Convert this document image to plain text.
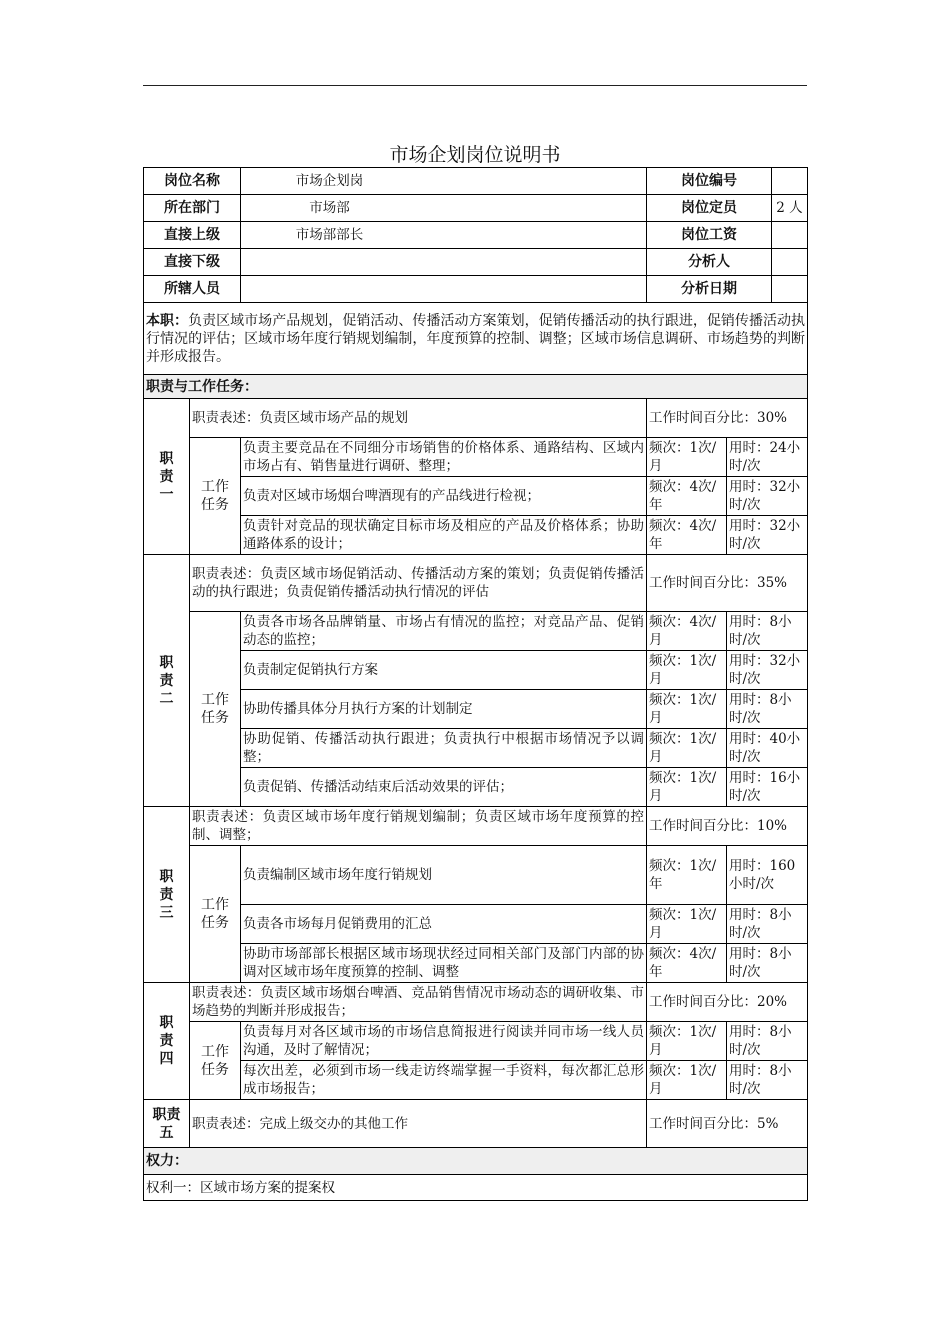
市场企划岗位说明书
岗位名称		市场企划岗	岗位编号	

所在部门		市场部	岗位定员 2 人	

直接上级		市场部部长	岗位工资	

直接下级			分析人	

所辖人员			分析日期	

本职：负责区域市场产品规划，促销活动、传播活动方案策划，促销传播活动的执行跟进，促销传播活动执行情况的评估；区域市场年度行销规划编制，年度预算的控制、调整；区域市场信息调研、市场趋势的判断并形成报告。				
职责与工作任务：				
职责一	职责表述：负责区域市场产品的规划		工作时间百分比：30%	
	工作任务	负责主要竞品在不同细分市场销售的价格体系、通路结构、区域内市场占有、销售量进行调研、整理；	频次：1次/月	用时：24小时/次
		负责对区域市场烟台啤酒现有的产品线进行检视；	频次：4次/年	用时：32小时/次
		负责针对竞品的现状确定目标市场及相应的产品及价格体系；协助通路体系的设计；	频次：4次/年	用时：32小时/次
职责二	职责表述：负责区域市场促销活动、传播活动方案的策划；负责促销传播活动的执行跟进；负责促销传播活动执行情况的评估		工作时间百分比：35%	
	工作任务	负责各市场各品牌销量、市场占有情况的监控；对竞品产品、促销动态的监控；	频次：4次/月	用时：8小时/次
		负责制定促销执行方案	频次：1次/月	用时：32小时/次
		协助传播具体分月执行方案的计划制定	频次：1次/月	用时：8小时/次
		协助促销、传播活动执行跟进；负责执行中根据市场情况予以调整；	频次：1次/月	用时：40小时/次
		负责促销、传播活动结束后活动效果的评估；	频次：1次/月	用时：16小时/次
职责三	职责表述：负责区域市场年度行销规划编制；负责区域市场年度预算的控制、调整；		工作时间百分比：10%	
	工作任务	负责编制区域市场年度行销规划	频次：1次/年	用时：160小时/次
		负责各市场每月促销费用的汇总	频次：1次/月	用时：8小时/次
		协助市场部部长根据区域市场现状经过同相关部门及部门内部的协调对区域市场年度预算的控制、调整	频次：4次/年	用时：8小时/次
职责四	职责表述：负责区域市场烟台啤酒、竞品销售情况市场动态的调研收集、市场趋势的判断并形成报告；		工作时间百分比：20%	
	工作任务	负责每月对各区域市场的市场信息简报进行阅读并同市场一线人员沟通，及时了解情况；	频次：1次/月	用时：8小时/次
		每次出差，必须到市场一线走访终端掌握一手资料，每次都汇总形成市场报告；	频次：1次/月	用时：8小时/次
职责五	职责表述：完成上级交办的其他工作		工作时间百分比：5%	
权力：				
权利一：区域市场方案的提案权				
